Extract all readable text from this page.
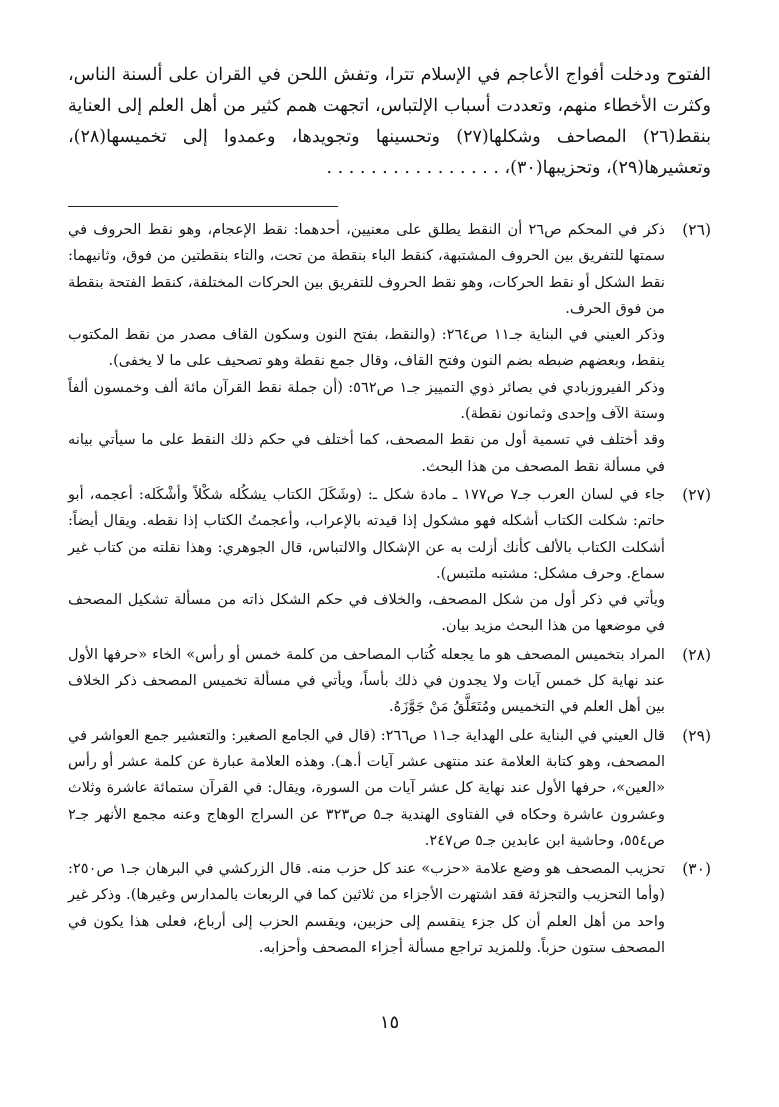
الفتوح ودخلت أفواج الأعاجم في الإسلام تترا، وتفش اللحن في القران على ألسنة الناس، وكثرت الأخطاء منهم، وتعددت أسباب الإلتباس، اتجهت همم كثير من أهل العلم إلى العناية بنقط(٢٦) المصاحف وشكلها(٢٧) وتحسينها وتجويدها، وعمدوا إلى تخميسها(٢٨)، وتعشيرها(٢٩)، وتحزيبها(٣٠)، . . . . . . . . . . . . . . . .

(٢٦)

ذكر في المحكم ص٢٦ أن النقط يطلق على معنيين، أحدهما: نقط الإعجام، وهو نقط الحروف في سمتها للتفريق بين الحروف المشتبهة، كنقط الباء بنقطة من تحت، والتاء بنقطتين من فوق، وثانيهما: نقط الشكل أو نقط الحركات، وهو نقط الحروف للتفريق بين الحركات المختلفة، كنقط الفتحة بنقطة من فوق الحرف.

وذكر العيني في البناية جـ١١ ص٢٦٤: (والنقط، بفتح النون وسكون القاف مصدر من نقط المكتوب ينقط، وبعضهم ضبطه بضم النون وفتح القاف، وقال جمع نقطة وهو تصحيف على ما لا يخفى).

وذكر الفيروزبادي في بصائر ذوي التمييز جـ١ ص٥٦٢: (أن جملة نقط القرآن مائة ألف وخمسون ألفاً وستة الآف وإحدى وثمانون نقطة).

وقد أختلف في تسمية أول من نقط المصحف، كما أختلف في حكم ذلك النقط على ما سيأتي بيانه في مسألة نقط المصحف من هذا البحث.

(٢٧)

جاء في لسان العرب جـ٧ ص١٧٧ ـ مادة شكل ـ: (وشَكَلَ الكتاب يشكُله شكْلاً وأشْكَله: أعجمه، أبو حاتم: شكلت الكتاب أشكله فهو مشكول إذا قيدته بالإعراب، وأعجمتُ الكتاب إذا نقطه. ويقال أيضاً: أشكلت الكتاب بالألف كأنك أزلت به عن الإشكال والالتباس، قال الجوهري: وهذا نقلته من كتاب غير سماع. وحرف مشكل: مشتبه ملتبس).

ويأتي في ذكر أول من شكل المصحف، والخلاف في حكم الشكل ذاته من مسألة تشكيل المصحف في موضعها من هذا البحث مزيد بيان.

(٢٨)

المراد بتخميس المصحف هو ما يجعله كُتاب المصاحف من كلمة خمس أو رأس» الخاء «حرفها الأول عند نهاية كل خمس آيات ولا يجدون في ذلك بأساً، ويأتي في مسألة تخميس المصحف ذكر الخلاف بين أهل العلم في التخميس ومُتَعَلَّقُ مَنْ جَوَّزَهُ.

(٢٩)

قال العيني في البناية على الهداية جـ١١ ص٢٦٦: (قال في الجامع الصغير: والتعشير جمع العواشر في المصحف، وهو كتابة العلامة عند منتهى عشر آيات أ.هـ). وهذه العلامة عبارة عن كلمة عشر أو رأس «العين»، حرفها الأول عند نهاية كل عشر آيات من السورة، ويقال: في القرآن ستمائة عاشرة وثلاث وعشرون عاشرة وحكاه في الفتاوى الهندية جـ٥ ص٣٢٣ عن السراج الوهاج وعنه مجمع الأنهر جـ٢ ص٥٥٤، وحاشية ابن عابدين جـ٥ ص٢٤٧.

(٣٠)

تحزيب المصحف هو وضع علامة «حزب» عند كل حزب منه. قال الزركشي في البرهان جـ١ ص٢٥٠: (وأما التحزيب والتجزئة فقد اشتهرت الأجزاء من ثلاثين كما في الربعات بالمدارس وغيرها). وذكر غير واحد من أهل العلم أن كل جزء ينقسم إلى حزبين، ويقسم الحزب إلى أرباع، فعلى هذا يكون في المصحف ستون حزباً. وللمزيد تراجع مسألة أجزاء المصحف وأحزابه.

١٥
